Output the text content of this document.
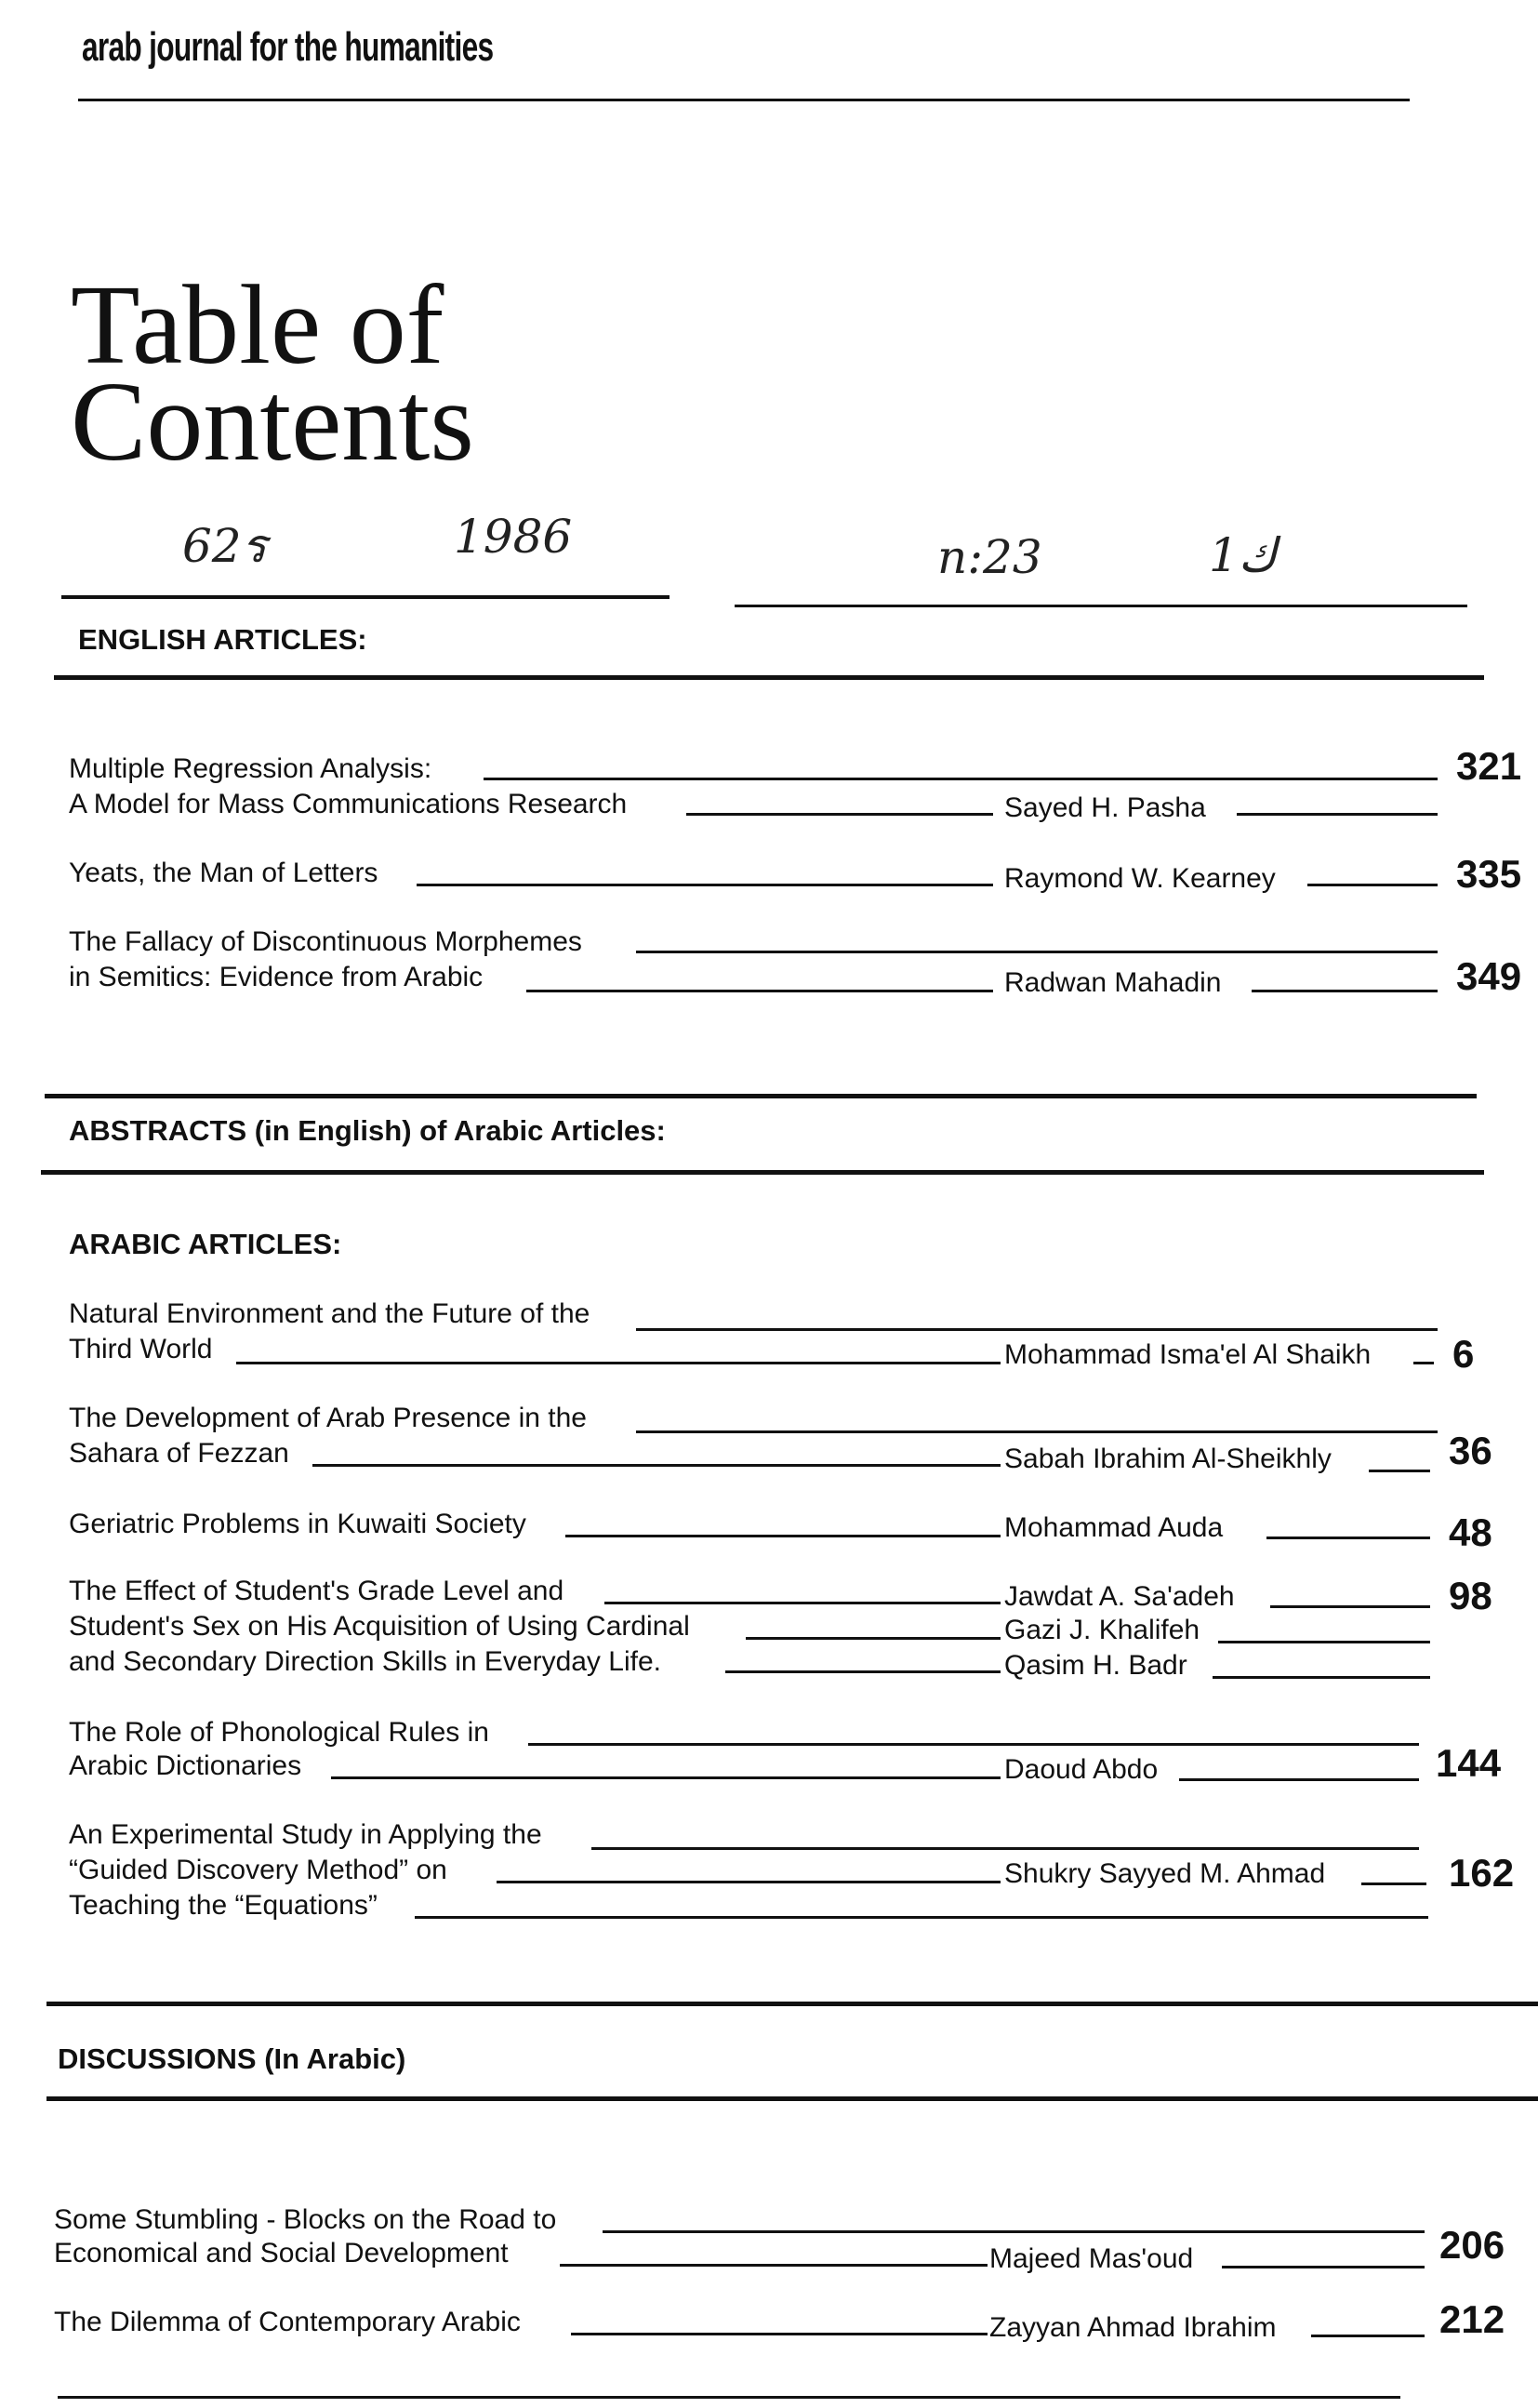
arab journal for the humanities
Table of
Contents
62ร	1986	n:23	ك1
ENGLISH ARTICLES:
Multiple Regression Analysis:
A Model for Mass Communications Research	Sayed H. Pasha
321
Yeats, the Man of Letters	Raymond W. Kearney	335
The Fallacy of Discontinuous Morphemes
in Semitics: Evidence from Arabic	Radwan Mahadin	349
ABSTRACTS (in English) of Arabic Articles:
ARABIC ARTICLES:
Natural Environment and the Future of the
Third World	Mohammad Isma'el Al Shaikh 6
The Development of Arab Presence in the
Sahara of Fezzan	Sabah Ibrahim Al-Sheikhly	36
Geriatric Problems in Kuwaiti Society	Mohammad Auda	48
The Effect of Student's Grade Level and	Jawdat A. Sa'adeh	98
Student's Sex on His Acquisition of Using Cardinal	Gazi J. Khalifeh
and Secondary Direction Skills in Everyday Life.	Qasim H. Badr
The Role of Phonological Rules in
Arabic Dictionaries	Daoud Abdo	144
An Experimental Study in Applying the
“Guided Discovery Method” on	Shukry Sayyed M. Ahmad	162
Teaching the “Equations”
DISCUSSIONS (In Arabic)
Some Stumbling - Blocks on the Road to
Economical and Social Development	Majeed Mas'oud	206
The Dilemma of Contemporary Arabic	Zayyan Ahmad Ibrahim	212
